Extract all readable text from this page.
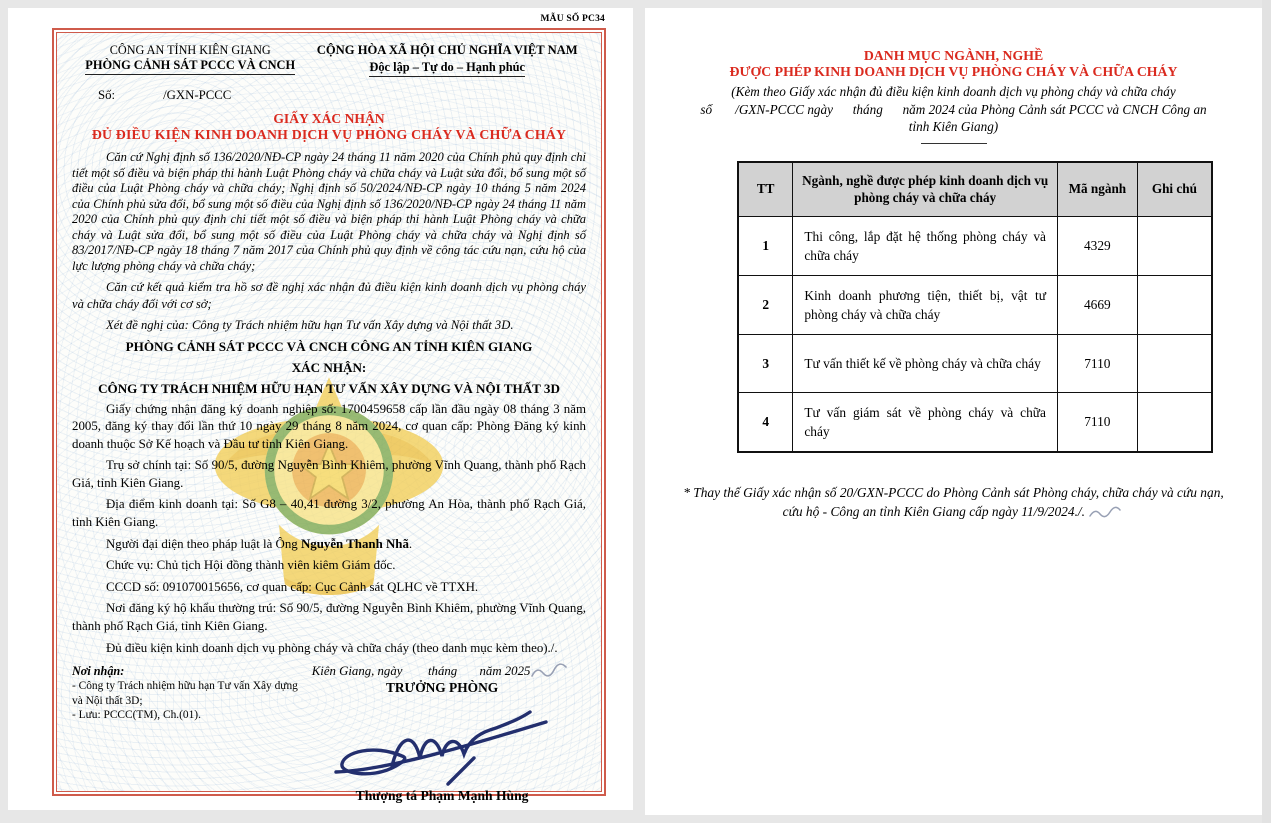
MẪU SỐ PC34
CÔNG AN TỈNH KIÊN GIANG
PHÒNG CẢNH SÁT PCCC VÀ CNCH
CỘNG HÒA XÃ HỘI CHỦ NGHĨA VIỆT NAM
Độc lập – Tự do – Hạnh phúc
Số:	/GXN-PCCC
GIẤY XÁC NHẬN
ĐỦ ĐIỀU KIỆN KINH DOANH DỊCH VỤ PHÒNG CHÁY VÀ CHỮA CHÁY
Căn cứ Nghị định số 136/2020/NĐ-CP ngày 24 tháng 11 năm 2020 của Chính phủ quy định chi tiết một số điều và biện pháp thi hành Luật Phòng cháy và chữa cháy và Luật sửa đổi, bổ sung một số điều của Luật Phòng cháy và chữa cháy; Nghị định số 50/2024/NĐ-CP ngày 10 tháng 5 năm 2024 của Chính phủ sửa đổi, bổ sung một số điều của Nghị định số 136/2020/NĐ-CP ngày 24 tháng 11 năm 2020 của Chính phủ quy định chi tiết một số điều và biện pháp thi hành Luật Phòng cháy và chữa cháy và Luật sửa đổi, bổ sung một số điều của Luật Phòng cháy và chữa cháy và Nghị định số 83/2017/NĐ-CP ngày 18 tháng 7 năm 2017 của Chính phủ quy định về công tác cứu nạn, cứu hộ của lực lượng phòng cháy và chữa cháy;
Căn cứ kết quả kiểm tra hồ sơ đề nghị xác nhận đủ điều kiện kinh doanh dịch vụ phòng cháy và chữa cháy đối với cơ sở;
Xét đề nghị của: Công ty Trách nhiệm hữu hạn Tư vấn Xây dựng và Nội thất 3D.
PHÒNG CẢNH SÁT PCCC VÀ CNCH CÔNG AN TỈNH KIÊN GIANG
XÁC NHẬN:
CÔNG TY TRÁCH NHIỆM HỮU HẠN TƯ VẤN XÂY DỰNG VÀ NỘI THẤT 3D
Giấy chứng nhận đăng ký doanh nghiệp số: 1700459658 cấp lần đầu ngày 08 tháng 3 năm 2005, đăng ký thay đổi lần thứ 10 ngày 29 tháng 8 năm 2024, cơ quan cấp: Phòng Đăng ký kinh doanh thuộc Sở Kế hoạch và Đầu tư tỉnh Kiên Giang.
Trụ sở chính tại: Số 90/5, đường Nguyễn Bình Khiêm, phường Vĩnh Quang, thành phố Rạch Giá, tỉnh Kiên Giang.
Địa điểm kinh doanh tại: Số G8 – 40,41 đường 3/2, phường An Hòa, thành phố Rạch Giá, tỉnh Kiên Giang.
Người đại diện theo pháp luật là Ông Nguyễn Thanh Nhã.
Chức vụ: Chủ tịch Hội đồng thành viên kiêm Giám đốc.
CCCD số: 091070015656, cơ quan cấp: Cục Cảnh sát QLHC về TTXH.
Nơi đăng ký hộ khẩu thường trú: Số 90/5, đường Nguyễn Bình Khiêm, phường Vĩnh Quang, thành phố Rạch Giá, tỉnh Kiên Giang.
Đủ điều kiện kinh doanh dịch vụ phòng cháy và chữa cháy (theo danh mục kèm theo)./.
Nơi nhận:
- Công ty Trách nhiệm hữu hạn Tư vấn Xây dựng và Nội thất 3D;
- Lưu: PCCC(TM), Ch.(01).
Kiên Giang, ngày        tháng       năm 2025
TRƯỞNG PHÒNG
Thượng tá Phạm Mạnh Hùng
DANH MỤC NGÀNH, NGHỀ
ĐƯỢC PHÉP KINH DOANH DỊCH VỤ PHÒNG CHÁY VÀ CHỮA CHÁY
(Kèm theo Giấy xác nhận đủ điều kiện kinh doanh dịch vụ phòng cháy và chữa cháy số       /GXN-PCCC ngày      tháng      năm 2024 của Phòng Cảnh sát PCCC và CNCH Công an tỉnh Kiên Giang)
TT	Ngành, nghề được phép kinh doanh dịch vụ phòng cháy và chữa cháy	Mã ngành	Ghi chú
1	Thi công, lắp đặt hệ thống phòng cháy và chữa cháy	4329	
2	Kinh doanh phương tiện, thiết bị, vật tư phòng cháy và chữa cháy	4669	
3	Tư vấn thiết kế về phòng cháy và chữa cháy	7110	
4	Tư vấn giám sát về phòng cháy và chữa cháy	7110	
* Thay thế Giấy xác nhận số 20/GXN-PCCC do Phòng Cảnh sát Phòng cháy, chữa cháy và cứu nạn, cứu hộ - Công an tỉnh Kiên Giang cấp ngày 11/9/2024./.
